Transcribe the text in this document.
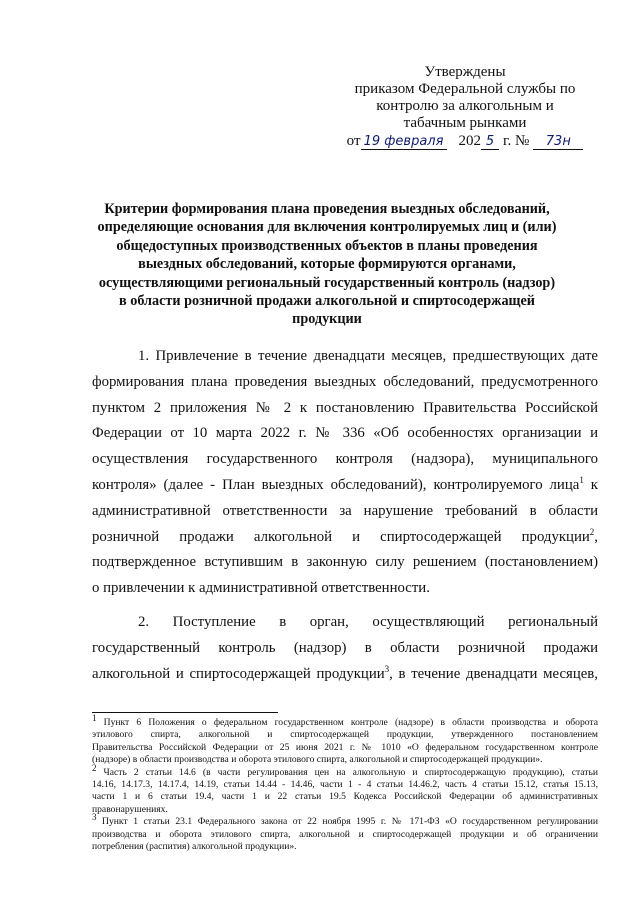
Утверждены
приказом Федеральной службы по
контролю за алкогольным и
табачным рынками
от 19 февраля 202 5 г. №	73н
Критерии формирования плана проведения выездных обследований,
определяющие основания для включения контролируемых лиц и (или)
общедоступных производственных объектов в планы проведения
выездных обследований, которые формируются органами,
осуществляющими региональный государственный контроль (надзор)
в области розничной продажи алкогольной и спиртосодержащей
продукции
1. Привлечение в течение двенадцати месяцев, предшествующих дате
формирования плана проведения выездных обследований, предусмотренного
пунктом 2 приложения № 2 к постановлению Правительства Российской
Федерации от 10 марта 2022 г. № 336 «Об особенностях организации и
осуществления государственного контроля (надзора), муниципального
контроля» (далее - План выездных обследований), контролируемого лица$^1$ к
административной ответственности за нарушение требований в области
розничной продажи алкогольной и спиртосодержащей продукции$^2$,
подтвержденное вступившим в законную силу решением (постановлением)
о привлечении к административной ответственности.
2. Поступление в орган, осуществляющий региональный
государственный контроль (надзор) в области розничной продажи
алкогольной и спиртосодержащей продукции$^3$, в течение двенадцати месяцев,
$^1$ Пункт 6 Положения о федеральном государственном контроле (надзоре) в области производства и оборота
этилового спирта, алкогольной и спиртосодержащей продукции, утвержденного постановлением
Правительства Российской Федерации от 25 июня 2021 г. № 1010 «О федеральном государственном контроле
(надзоре) в области производства и оборота этилового спирта, алкогольной и спиртосодержащей продукции».
$^2$ Часть 2 статьи 14.6 (в части регулирования цен на алкогольную и спиртосодержащую продукцию), статьи
14.16, 14.17.3, 14.17.4, 14.19, статьи 14.44 - 14.46, части 1 - 4 статьи 14.46.2, часть 4 статьи 15.12, статья 15.13,
части 1 и 6 статьи 19.4, части 1 и 22 статьи 19.5 Кодекса Российской Федерации об административных
правонарушениях.
$^3$ Пункт 1 статьи 23.1 Федерального закона от 22 ноября 1995 г. № 171-ФЗ «О государственном регулировании
производства и оборота этилового спирта, алкогольной и спиртосодержащей продукции и об ограничении
потребления (распития) алкогольной продукции».
